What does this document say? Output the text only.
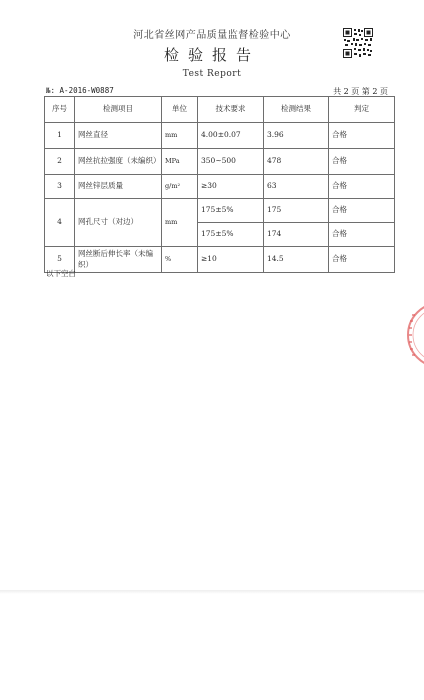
河北省丝网产品质量监督检验中心
检验报告
Test Report
№: A-2016-W0887	共 2 页 第 2 页
序号	检测项目	单位	技术要求	检测结果	判定
1	网丝直径	mm	4.00±0.07	3.96	合格
2	网丝抗拉强度（未编织）	MPa	350~500	478	合格
3	网丝锌层质量	g/m²	≥30	63	合格
4	网孔尺寸（对边）	mm	175±5%	175	合格
			175±5%	174	合格
5	网丝断后伸长率（未编织）	%	≥10	14.5	合格
以下空白
